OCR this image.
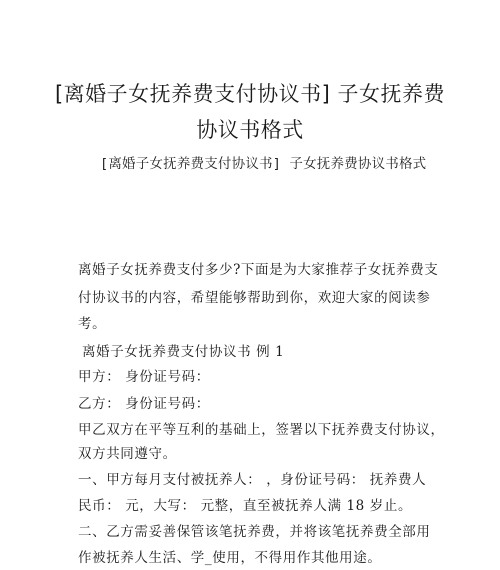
[离婚子女抚养费支付协议书] 子女抚养费
协议书格式
[离婚子女抚养费支付协议书] 子女抚养费协议书格式
离婚子女抚养费支付多少?下面是为大家推荐子女抚养费支
付协议书的内容，希望能够帮助到你，欢迎大家的阅读参
考。
离婚子女抚养费支付协议书 例 1
甲方： 身份证号码：
乙方： 身份证号码：
甲乙双方在平等互利的基础上，签署以下抚养费支付协议，
双方共同遵守。
一、甲方每月支付被抚养人： ，身份证号码： 抚养费人
民币： 元，大写： 元整，直至被抚养人满 18 岁止。
二、乙方需妥善保管该笔抚养费，并将该笔抚养费全部用
作被抚养人生活、学_使用，不得用作其他用途。
